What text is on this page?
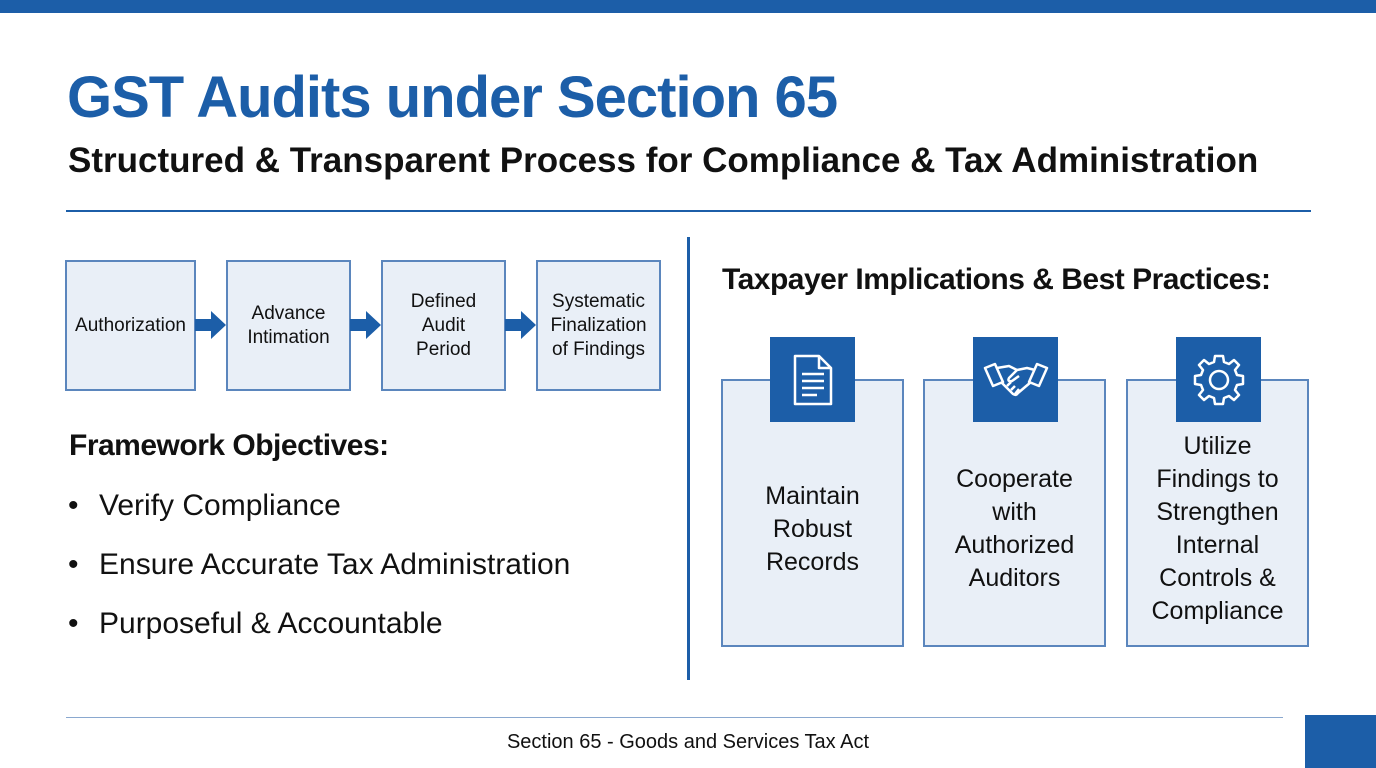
GST Audits under Section 65
Structured & Transparent Process for Compliance & Tax Administration
Authorization
Advance Intimation
Defined Audit Period
Systematic Finalization of Findings
Framework Objectives:
• Verify Compliance
• Ensure Accurate Tax Administration
• Purposeful & Accountable
Taxpayer Implications & Best Practices:
Maintain Robust Records
Cooperate with Authorized Auditors
Utilize Findings to Strengthen Internal Controls & Compliance
Section 65 - Goods and Services Tax Act
